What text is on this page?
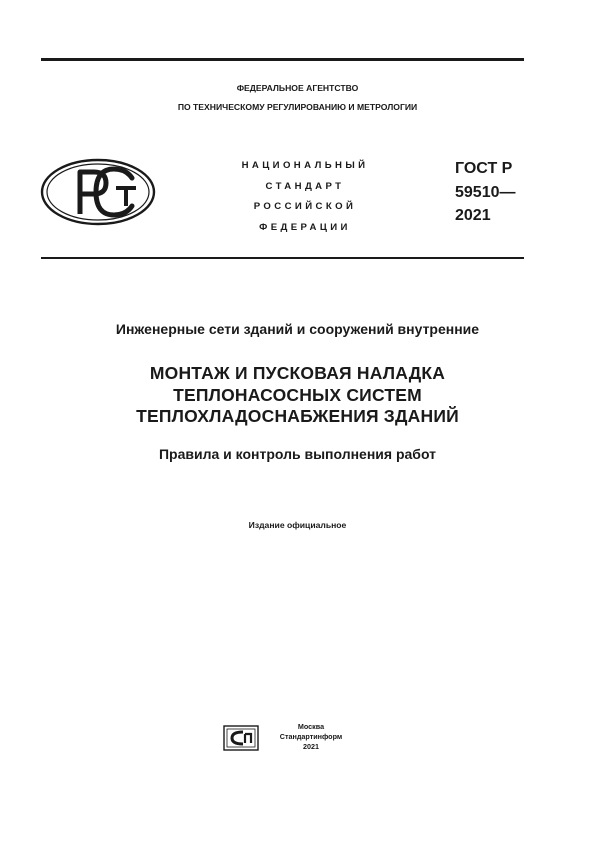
ФЕДЕРАЛЬНОЕ АГЕНТСТВО
ПО ТЕХНИЧЕСКОМУ РЕГУЛИРОВАНИЮ И МЕТРОЛОГИИ
НАЦИОНАЛЬНЫЙ
СТАНДАРТ
РОССИЙСКОЙ
ФЕДЕРАЦИИ
ГОСТ Р
59510—
2021
Инженерные сети зданий и сооружений внутренние
МОНТАЖ И ПУСКОВАЯ НАЛАДКА
ТЕПЛОНАСОСНЫХ СИСТЕМ
ТЕПЛОХЛАДОСНАБЖЕНИЯ ЗДАНИЙ
Правила и контроль выполнения работ
Издание официальное
Москва
Стандартинформ
2021
